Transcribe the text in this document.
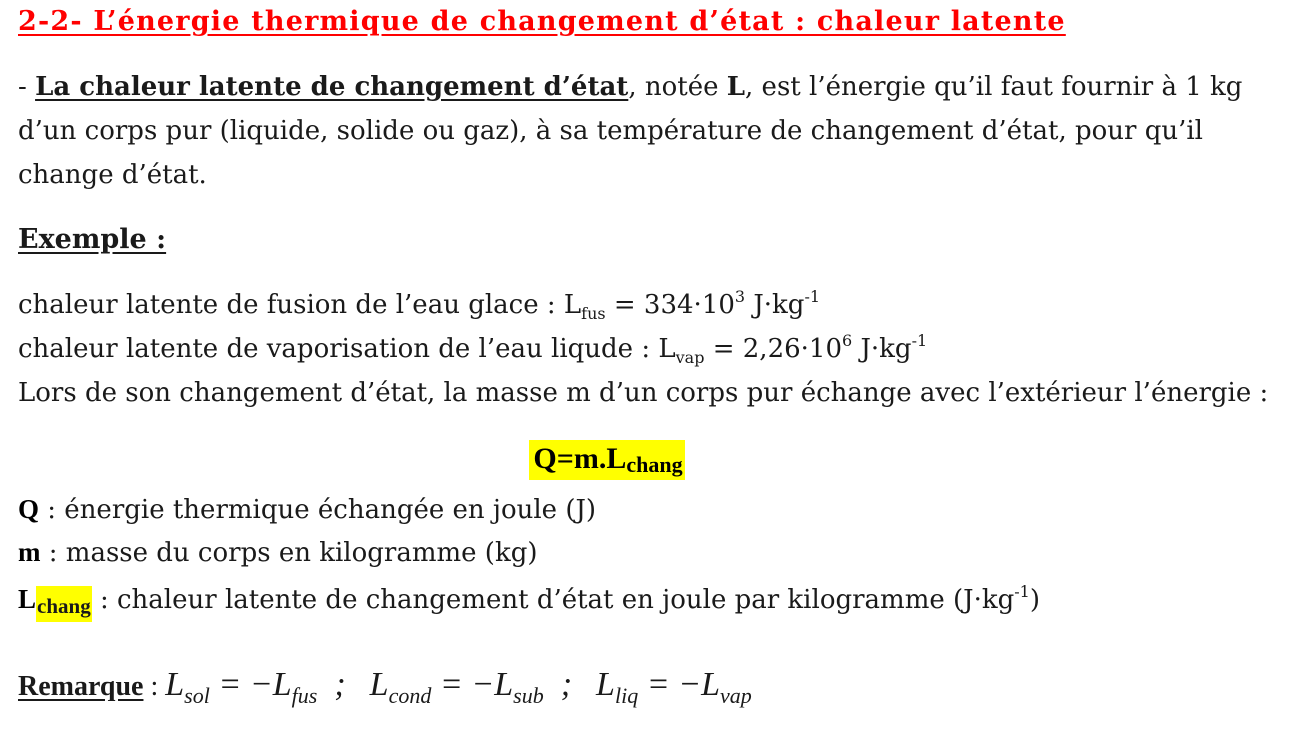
2-2- L’énergie thermique de changement d’état : chaleur latente
- La chaleur latente de changement d’état, notée L, est l’énergie qu’il faut fournir à 1 kg
d’un corps pur (liquide, solide ou gaz), à sa température de changement d’état, pour qu’il
change d’état.
Exemple :
chaleur latente de fusion de l’eau glace : $L_{fus} = 334\cdot 10^3$ $J\cdot kg^{-1}$
chaleur latente de vaporisation de l’eau liqude : $L_{vap} = 2,26\cdot 10^6$ $J\cdot kg^{-1}$
Lors de son changement d’état, la masse m d’un corps pur échange avec l’extérieur l’énergie :
Q=m.Lchang
Q : énergie thermique échangée en joule (J)
m : masse du corps en kilogramme (kg)
Lchang : chaleur latente de changement d’état en joule par kilogramme $(J\cdot kg^{-1})$
Remarque : $L_{sol} = -L_{fus}$  ;   $L_{cond} = -L_{sub}$  ;   $L_{liq} = -L_{vap}$
